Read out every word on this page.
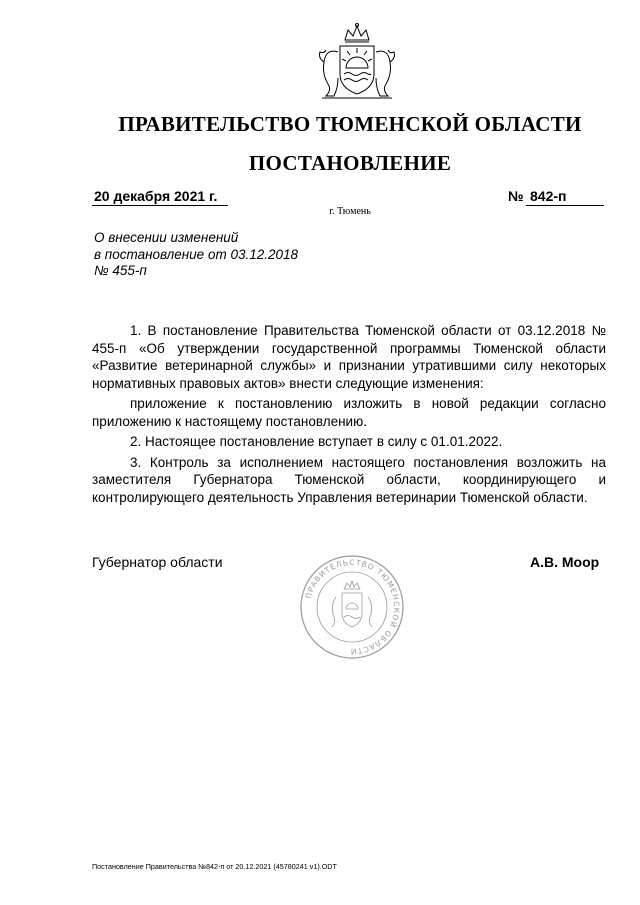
ПРАВИТЕЛЬСТВО ТЮМЕНСКОЙ ОБЛАСТИ
ПОСТАНОВЛЕНИЕ
20 декабря 2021 г.	№ 842-п
г. Тюмень
О внесении изменений
в постановление от 03.12.2018
№ 455-п

1. В постановление Правительства Тюменской области от 03.12.2018 № 455-п «Об утверждении государственной программы Тюменской области «Развитие ветеринарной службы» и признании утратившими силу некоторых нормативных правовых актов» внести следующие изменения:

приложение к постановлению изложить в новой редакции согласно приложению к настоящему постановлению.

2. Настоящее постановление вступает в силу с 01.01.2022.

3. Контроль за исполнением настоящего постановления возложить на заместителя Губернатора Тюменской области, координирующего и контролирующего деятельность Управления ветеринарии Тюменской области.

Губернатор области	А.В. Моор
ПРАВИТЕЛЬСТВО ТЮМЕНСКОЙ ОБЛАСТИ
Постановление Правительства №842-п от 20.12.2021 (45780241 v1).ODT
